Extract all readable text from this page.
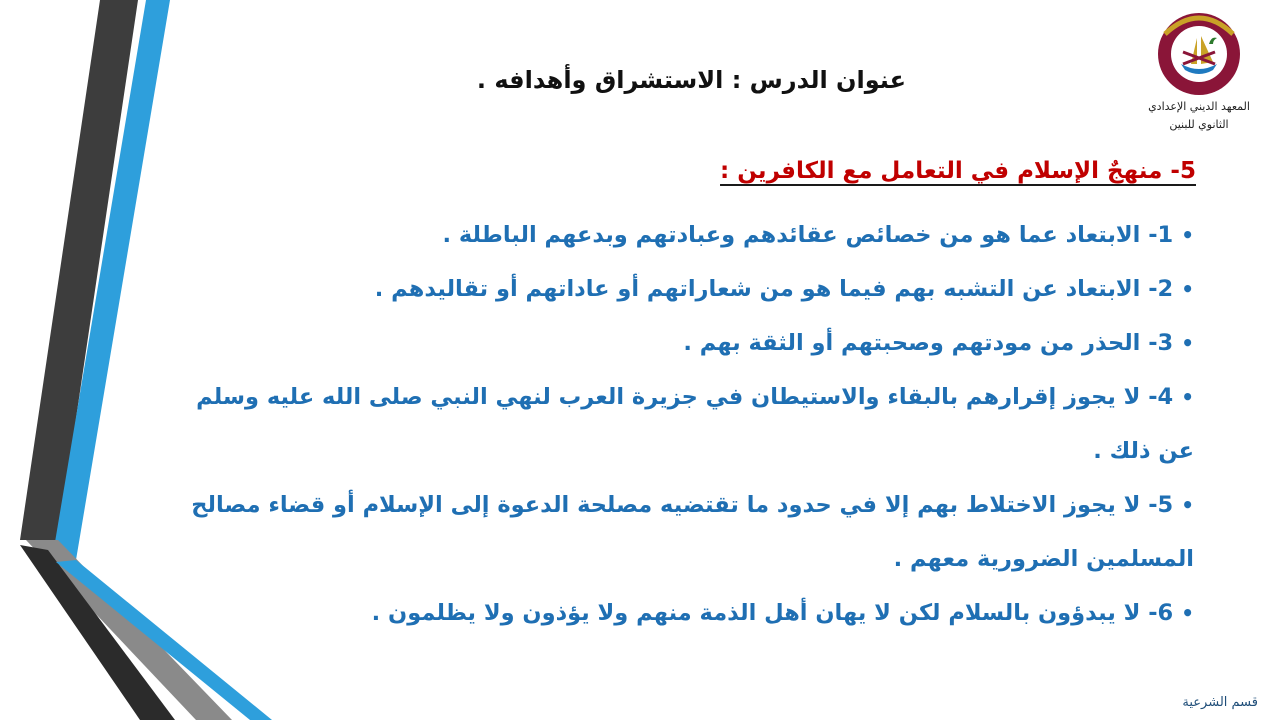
المعهد الديني الإعدادي
الثانوي للبنين
عنوان الدرس : الاستشراق وأهدافه .
5- منهجٌ الإسلام في التعامل مع الكافرين :
•1- الابتعاد عما هو من خصائص عقائدهم وعبادتهم وبدعهم الباطلة .
•2- الابتعاد عن التشبه بهم فيما هو من شعاراتهم أو عاداتهم أو تقاليدهم .
•3- الحذر من مودتهم وصحبتهم أو الثقة بهم .
•4- لا يجوز إقرارهم بالبقاء والاستيطان في جزيرة العرب لنهي النبي صلى الله عليه وسلم عن ذلك .
•5- لا يجوز الاختلاط بهم إلا في حدود ما تقتضيه مصلحة الدعوة إلى الإسلام أو قضاء مصالح المسلمين الضرورية معهم .
•6- لا يبدؤون بالسلام لكن لا يهان أهل الذمة منهم ولا يؤذون ولا يظلمون .
قسم الشرعية
